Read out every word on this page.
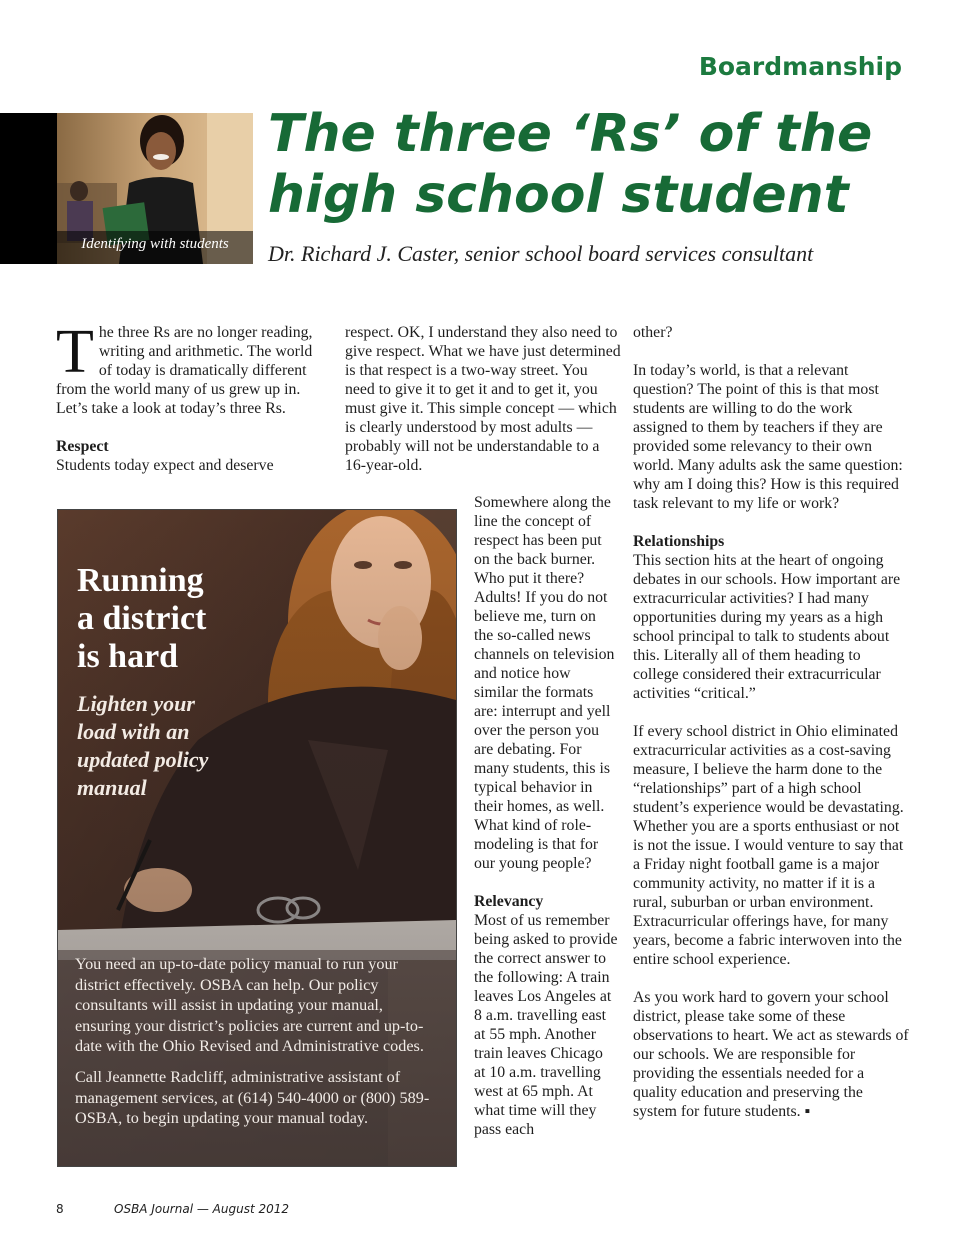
Boardmanship
Identifying with students
The three ‘Rs’ of the
high school student
Dr. Richard J. Caster, senior school board services consultant

The three Rs are no longer reading, writing and arithmetic. The world of today is dramatically different from the world many of us grew up in. Let’s take a look at today’s three Rs.

Respect

Students today expect and deserve

respect. OK, I understand they also need to give respect. What we have just determined is that respect is a two-way street. You need to give it to get it and to get it, you must give it. This simple concept — which is clearly understood by most adults — probably will not be understandable to a 16-year-old.

Somewhere along the line the concept of respect has been put on the back burner. Who put it there? Adults! If you do not believe me, turn on the so-called news channels on television and notice how similar the formats are: interrupt and yell over the person you are debating. For many students, this is typical behavior in their homes, as well. What kind of role-modeling is that for our young people?

Relevancy

Most of us remember being asked to provide the correct answer to the following: A train leaves Los Angeles at 8 a.m. travelling east at 55 mph. Another train leaves Chicago at 10 a.m. travelling west at 65 mph. At what time will they pass each

other?

In today’s world, is that a relevant question? The point of this is that most students are willing to do the work assigned to them by teachers if they are provided some relevancy to their own world. Many adults ask the same question: why am I doing this? How is this required task relevant to my life or work?

Relationships

This section hits at the heart of ongoing debates in our schools. How important are extracurricular activities? I had many opportunities during my years as a high school principal to talk to students about this. Literally all of them heading to college considered their extracurricular activities “critical.”

If every school district in Ohio eliminated extracurricular activities as a cost-saving measure, I believe the harm done to the “relationships” part of a high school student’s experience would be devastating. Whether you are a sports enthusiast or not is not the issue. I would venture to say that a Friday night football game is a major community activity, no matter if it is a rural, suburban or urban environment. Extracurricular offerings have, for many years, become a fabric interwoven into the entire school experience.

As you work hard to govern your school district, please take some of these observations to heart. We act as stewards of our schools. We are responsible for providing the essentials needed for a quality education and preserving the system for future students. ▪

Running
a district
is hard
Lighten your
load with an
updated policy
manual

You need an up-to-date policy manual to run your district effectively. OSBA can help. Our policy consultants will assist in updating your manual, ensuring your district’s policies are current and up-to-date with the Ohio Revised and Administrative codes.

Call Jeannette Radcliff, administrative assistant of management services, at (614) 540-4000 or (800) 589-OSBA, to begin updating your manual today.

8	OSBA Journal — August 2012
